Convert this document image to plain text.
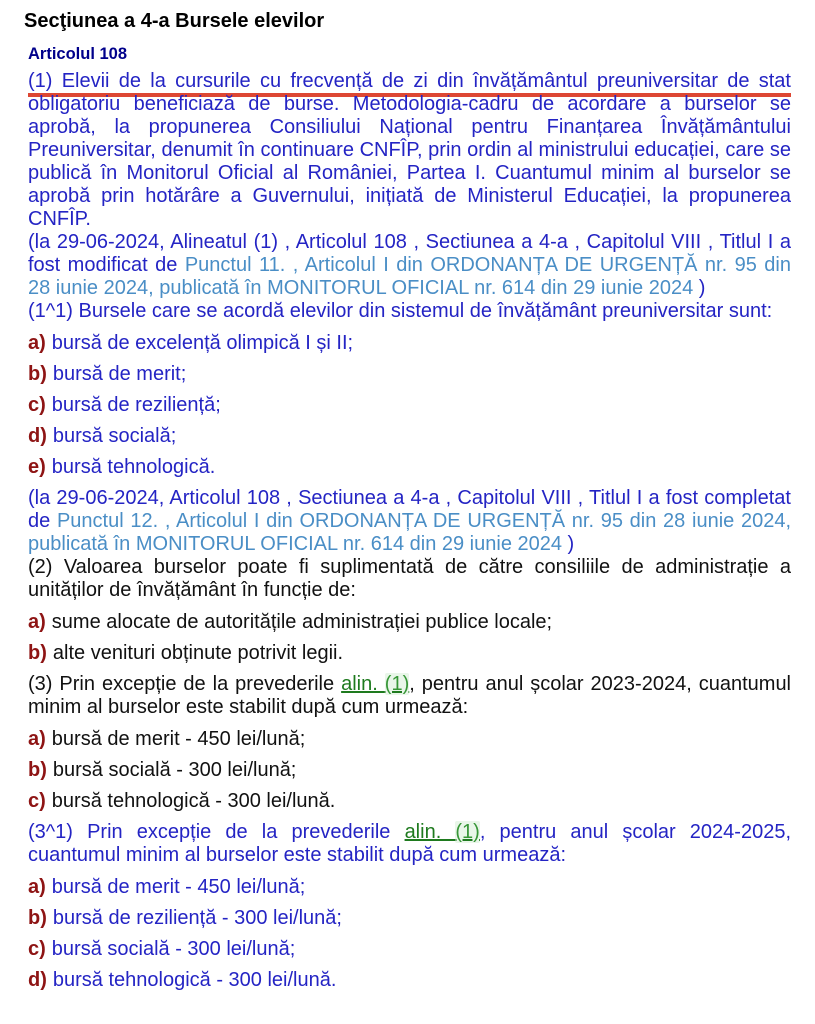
Secţiunea a 4-a Bursele elevilor
Articolul 108

(1) Elevii de la cursurile cu frecvență de zi din învățământul preuniversitar de stat obligatoriu beneficiază de burse. Metodologia-cadru de acordare a burselor se aprobă, la propunerea Consiliului Național pentru Finanțarea Învățământului Preuniversitar, denumit în continuare CNFÎP, prin ordin al ministrului educației, care se publică în Monitorul Oficial al României, Partea I. Cuantumul minim al burselor se aprobă prin hotărâre a Guvernului, inițiată de Ministerul Educației, la propunerea CNFÎP.

(la 29-06-2024, Alineatul (1) , Articolul 108 , Sectiunea a 4-a , Capitolul VIII , Titlul I a fost modificat de Punctul 11. , Articolul I din ORDONANȚA DE URGENȚĂ nr. 95 din 28 iunie 2024, publicată în MONITORUL OFICIAL nr. 614 din 29 iunie 2024 )

(1^1) Bursele care se acordă elevilor din sistemul de învățământ preuniversitar sunt:

a) bursă de excelență olimpică I și II;
b) bursă de merit;
c) bursă de reziliență;
d) bursă socială;
e) bursă tehnologică.

(la 29-06-2024, Articolul 108 , Sectiunea a 4-a , Capitolul VIII , Titlul I a fost completat de Punctul 12. , Articolul I din ORDONANȚA DE URGENȚĂ nr. 95 din 28 iunie 2024, publicată în MONITORUL OFICIAL nr. 614 din 29 iunie 2024 )

(2) Valoarea burselor poate fi suplimentată de către consiliile de administrație a unităților de învățământ în funcție de:

a) sume alocate de autoritățile administrației publice locale;
b) alte venituri obținute potrivit legii.

(3) Prin excepție de la prevederile alin. (1), pentru anul școlar 2023-2024, cuantumul minim al burselor este stabilit după cum urmează:

a) bursă de merit - 450 lei/lună;
b) bursă socială - 300 lei/lună;
c) bursă tehnologică - 300 lei/lună.

(3^1) Prin excepție de la prevederile alin. (1), pentru anul școlar 2024-2025, cuantumul minim al burselor este stabilit după cum urmează:

a) bursă de merit - 450 lei/lună;
b) bursă de reziliență - 300 lei/lună;
c) bursă socială - 300 lei/lună;
d) bursă tehnologică - 300 lei/lună.
